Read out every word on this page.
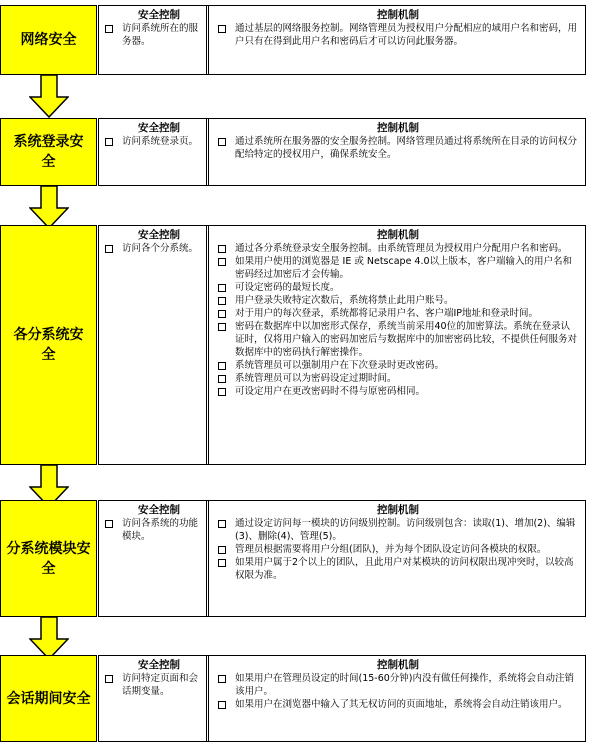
网络安全
安全控制
访问系统所在的服务器。
控制机制
通过基层的网络服务控制。网络管理员为授权用户分配相应的域用户名和密码，用户只有在得到此用户名和密码后才可以访问此服务器。
系统登录安全
安全控制
访问系统登录页。
控制机制
通过系统所在服务器的安全服务控制。网络管理员通过将系统所在目录的访问权分配给特定的授权用户，确保系统安全。
各分系统安全
安全控制
访问各个分系统。
控制机制
通过各分系统登录安全服务控制。由系统管理员为授权用户分配用户名和密码。
如果用户使用的浏览器是 IE 或 Netscape 4.0以上版本，客户端输入的用户名和密码经过加密后才会传输。
可设定密码的最短长度。
用户登录失败特定次数后，系统将禁止此用户账号。
对于用户的每次登录，系统都将记录用户名、客户端IP地址和登录时间。
密码在数据库中以加密形式保存，系统当前采用40位的加密算法。系统在登录认证时，仅将用户输入的密码加密后与数据库中的加密密码比较，不提供任何服务对数据库中的密码执行解密操作。
系统管理员可以强制用户在下次登录时更改密码。
系统管理员可以为密码设定过期时间。
可设定用户在更改密码时不得与原密码相同。
分系统模块安全
安全控制
访问各系统的功能模块。
控制机制
通过设定访问每一模块的访问级别控制。访问级别包含：读取(1)、增加(2)、编辑(3)、删除(4)、管理(5)。
管理员根据需要将用户分组(团队)，并为每个团队设定访问各模块的权限。
如果用户属于2个以上的团队，且此用户对某模块的访问权限出现冲突时，以较高权限为准。
会话期间安全
安全控制
访问特定页面和会话期变量。
控制机制
如果用户在管理员设定的时间(15-60分钟)内没有做任何操作，系统将会自动注销该用户。
如果用户在浏览器中输入了其无权访问的页面地址，系统将会自动注销该用户。
